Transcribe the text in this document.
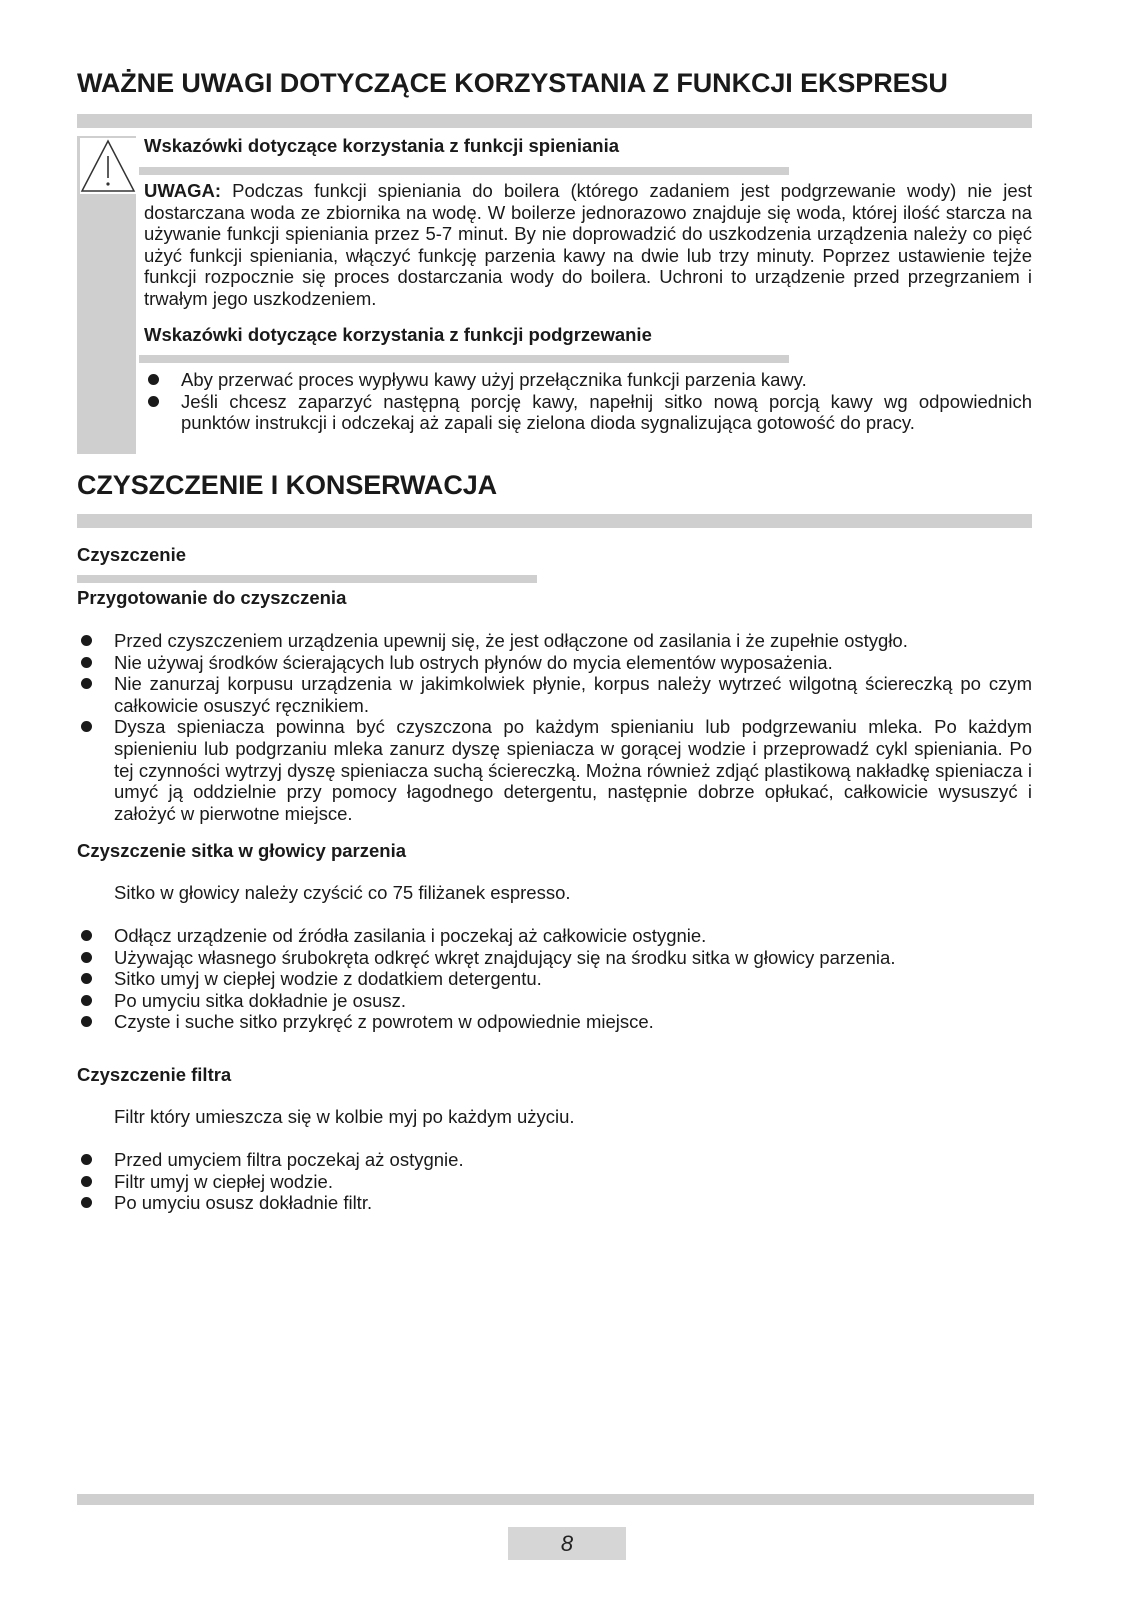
WAŻNE UWAGI DOTYCZĄCE KORZYSTANIA Z FUNKCJI EKSPRESU
Wskazówki dotyczące korzystania z funkcji spieniania
UWAGA: Podczas funkcji spieniania do boilera (którego zadaniem jest podgrzewanie wody) nie jest dostarczana woda ze zbiornika na wodę. W boilerze jednorazowo znajduje się woda, której ilość starcza na używanie funkcji spieniania przez 5-7 minut. By nie doprowadzić do uszkodzenia urządzenia należy co pięć użyć funkcji spieniania, włączyć funkcję parzenia kawy na dwie lub trzy minuty. Poprzez ustawienie tejże funkcji rozpocznie się proces dostarczania wody do boilera. Uchroni to urządzenie przed przegrzaniem i trwałym jego uszkodzeniem.
Wskazówki dotyczące korzystania z funkcji podgrzewanie
Aby przerwać proces wypływu kawy użyj przełącznika funkcji parzenia kawy.
Jeśli chcesz zaparzyć następną porcję kawy, napełnij sitko nową porcją kawy wg odpowiednich punktów instrukcji i odczekaj aż zapali się zielona dioda sygnalizująca gotowość do pracy.
CZYSZCZENIE I KONSERWACJA
Czyszczenie
Przygotowanie do czyszczenia
Przed czyszczeniem urządzenia upewnij się, że jest odłączone od zasilania i że zupełnie ostygło.
Nie używaj środków ścierających lub ostrych płynów do mycia elementów wyposażenia.
Nie zanurzaj korpusu urządzenia w jakimkolwiek płynie, korpus należy wytrzeć wilgotną ściereczką po czym całkowicie osuszyć ręcznikiem.
Dysza spieniacza powinna być czyszczona po każdym spienianiu lub podgrzewaniu mleka. Po każdym spienieniu lub podgrzaniu mleka zanurz dyszę spieniacza w gorącej wodzie i przeprowadź cykl spieniania. Po tej czynności wytrzyj dyszę spieniacza suchą ściereczką. Można również zdjąć plastikową nakładkę spieniacza i umyć ją oddzielnie przy pomocy łagodnego detergentu, następnie dobrze opłukać, całkowicie wysuszyć i założyć w pierwotne miejsce.
Czyszczenie sitka w głowicy parzenia
Sitko w głowicy należy czyścić co 75 filiżanek espresso.
Odłącz urządzenie od źródła zasilania i poczekaj aż całkowicie ostygnie.
Używając własnego śrubokręta odkręć wkręt znajdujący się na środku sitka w głowicy parzenia.
Sitko umyj w ciepłej wodzie z dodatkiem detergentu.
Po umyciu sitka dokładnie je osusz.
Czyste i suche sitko przykręć z powrotem w odpowiednie miejsce.
Czyszczenie filtra
Filtr który umieszcza się w kolbie myj po każdym użyciu.
Przed umyciem filtra poczekaj aż ostygnie.
Filtr umyj w ciepłej wodzie.
Po umyciu osusz dokładnie filtr.
8
